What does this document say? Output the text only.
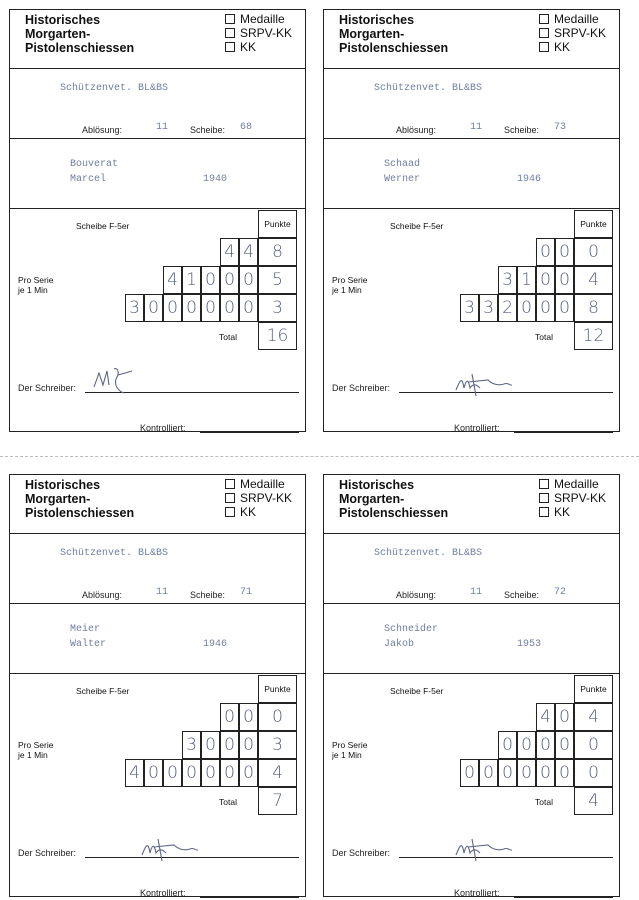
Historisches
Morgarten-
Pistolenschiessen
Medaille
SRPV-KK
KK
Schützenvet. BL&BS
Ablösung:	11 Scheibe: 68
Bouverat
Marcel	1940
Scheibe F-5er	Punkte
Pro Serie
je 1 Min
4 4	8
4 1 0 0 0	5
3 0 0 0 0 0 0	3
Total	16
Der Schreiber:
Kontrolliert:
Historisches
Morgarten-
Pistolenschiessen
Medaille
SRPV-KK
KK
Schützenvet. BL&BS
Ablösung:	11 Scheibe: 73
Schaad
Werner	1946
Scheibe F-5er	Punkte
Pro Serie
je 1 Min
0 0	0
3 1 0 0	4
3 3 2 0 0 0	8
Total	12
Der Schreiber:
Kontrolliert:
Historisches
Morgarten-
Pistolenschiessen
Medaille
SRPV-KK
KK
Schützenvet. BL&BS
Ablösung:	11 Scheibe: 71
Meier
Walter	1946
Scheibe F-5er	Punkte
Pro Serie
je 1 Min
0 0	0
3 0 0 0	3
4 0 0 0 0 0 0	4
Total	7
Der Schreiber:
Kontrolliert:
Historisches
Morgarten-
Pistolenschiessen
Medaille
SRPV-KK
KK
Schützenvet. BL&BS
Ablösung:	11 Scheibe: 72
Schneider
Jakob	1953
Scheibe F-5er	Punkte
Pro Serie
je 1 Min
4 0	4
0 0 0 0	0
0 0 0 0 0 0	0
Total	4
Der Schreiber:
Kontrolliert:
